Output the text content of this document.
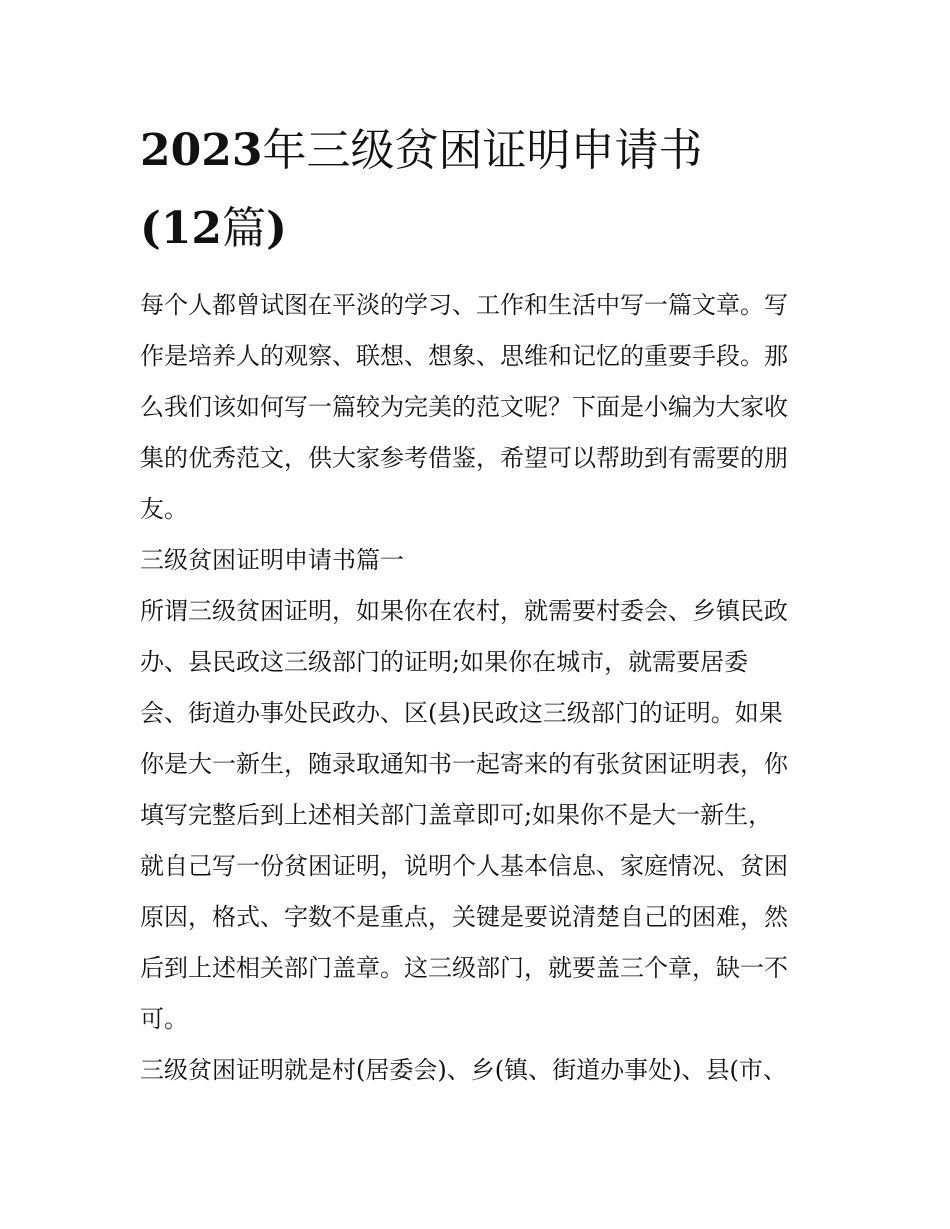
2023年三级贫困证明申请书
(12篇)
每个人都曾试图在平淡的学习、工作和生活中写一篇文章。写
作是培养人的观察、联想、想象、思维和记忆的重要手段。那
么我们该如何写一篇较为完美的范文呢？下面是小编为大家收
集的优秀范文，供大家参考借鉴，希望可以帮助到有需要的朋
友。
三级贫困证明申请书篇一
所谓三级贫困证明，如果你在农村，就需要村委会、乡镇民政
办、县民政这三级部门的证明;如果你在城市，就需要居委
会、街道办事处民政办、区(县)民政这三级部门的证明。如果
你是大一新生，随录取通知书一起寄来的有张贫困证明表，你
填写完整后到上述相关部门盖章即可;如果你不是大一新生，
就自己写一份贫困证明，说明个人基本信息、家庭情况、贫困
原因，格式、字数不是重点，关键是要说清楚自己的困难，然
后到上述相关部门盖章。这三级部门，就要盖三个章，缺一不
可。
三级贫困证明就是村(居委会)、乡(镇、街道办事处)、县(市、
